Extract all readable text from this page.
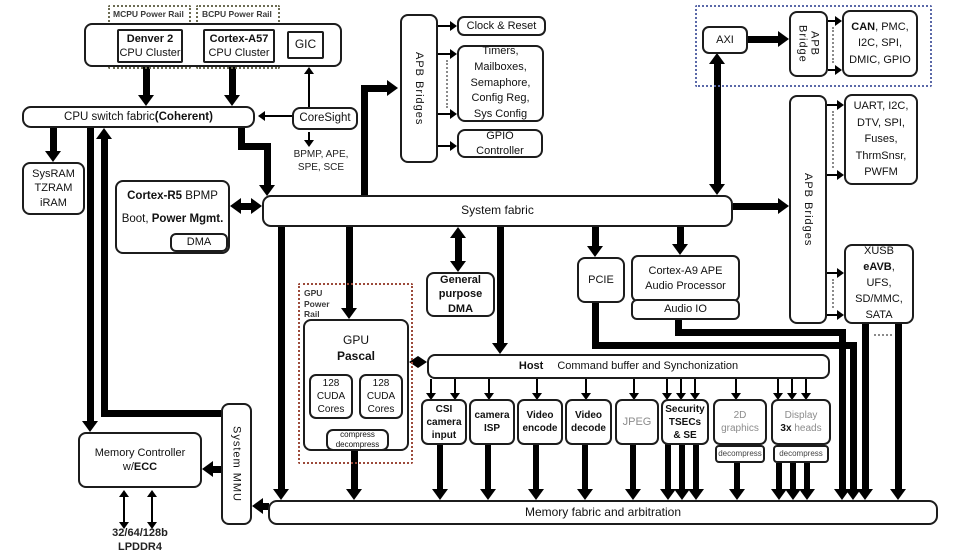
MCPU Power Rail BCPU Power Rail
GPU
Power
Rail
Denver 2
CPU Cluster
Cortex-A57
CPU Cluster
GIC
CPU switch fabric (Coherent)	CoreSight
BPMP, APE,
SPE, SCE
SysRAM
TZRAM
iRAM
Cortex-R5 BPMP
Boot, Power Mgmt.
DMA
APB Bridges
Clock & Reset
Timers,
Mailboxes,
Semaphore,
Config Reg,
Sys Config
GPIO
Controller
AXI	APB
Bridge	CAN, PMC,
I2C, SPI,
DMIC, GPIO
APB Bridges
UART, I2C,
DTV, SPI,
Fuses,
ThrmSnsr,
PWFM
XUSB
eAVB,
UFS,
SD/MMC,
SATA
System fabric
General
purpose
DMA
PCIE
Cortex-A9 APE
Audio Processor
Audio IO
GPU
Pascal
128
CUDA
Cores
128
CUDA
Cores
compress
decompress
Host Command buffer and Synchonization
CSI
camera
input
camera
ISP
Video
encode
Video
decode
JPEG
Security
TSECs
& SE
2D
graphics
decompress
Display
3x heads
decompress
Memory Controller
w/ECC	System MMU
Memory fabric and arbitration
32/64/128b
LPDDR4
